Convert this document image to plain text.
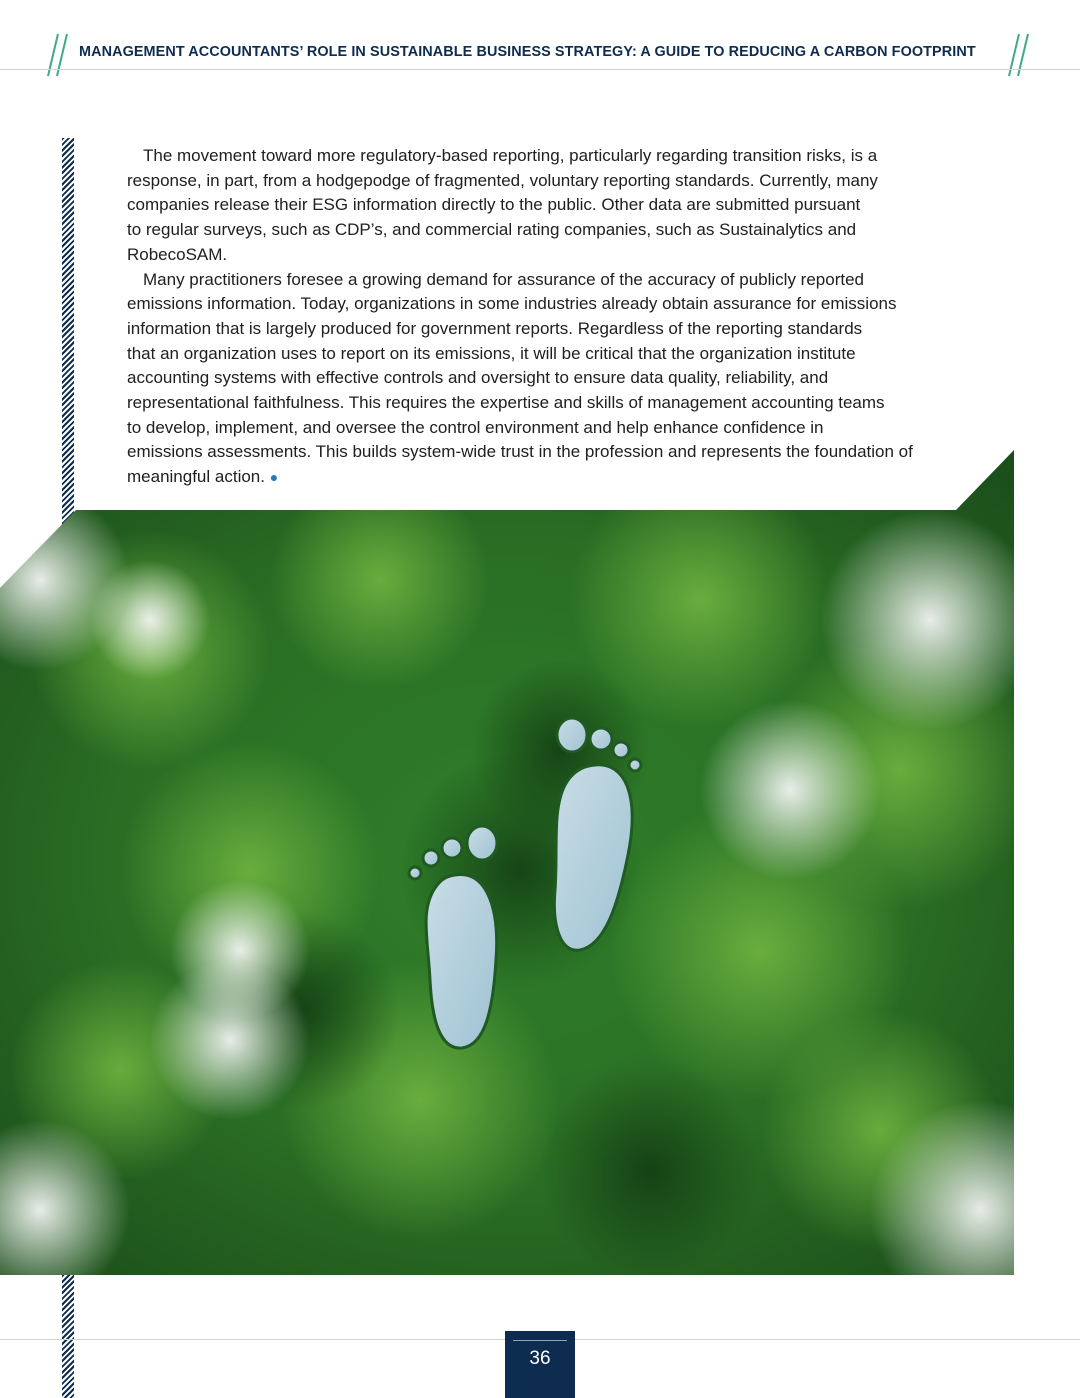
MANAGEMENT ACCOUNTANTS’ ROLE IN SUSTAINABLE BUSINESS STRATEGY: A GUIDE TO REDUCING A CARBON FOOTPRINT

The movement toward more regulatory-based reporting, particularly regarding transition risks, is a

response, in part, from a hodgepodge of fragmented, voluntary reporting standards. Currently, many

companies release their ESG information directly to the public. Other data are submitted pursuant

to regular surveys, such as CDP’s, and commercial rating companies, such as Sustainalytics and

RobecoSAM.

Many practitioners foresee a growing demand for assurance of the accuracy of publicly reported

emissions information. Today, organizations in some industries already obtain assurance for emissions

information that is largely produced for government reports. Regardless of the reporting standards

that an organization uses to report on its emissions, it will be critical that the organization institute

accounting systems with effective controls and oversight to ensure data quality, reliability, and

representational faithfulness. This requires the expertise and skills of management accounting teams

to develop, implement, and oversee the control environment and help enhance confidence in

emissions assessments. This builds system-wide trust in the profession and represents the foundation of

meaningful action. ●

36
